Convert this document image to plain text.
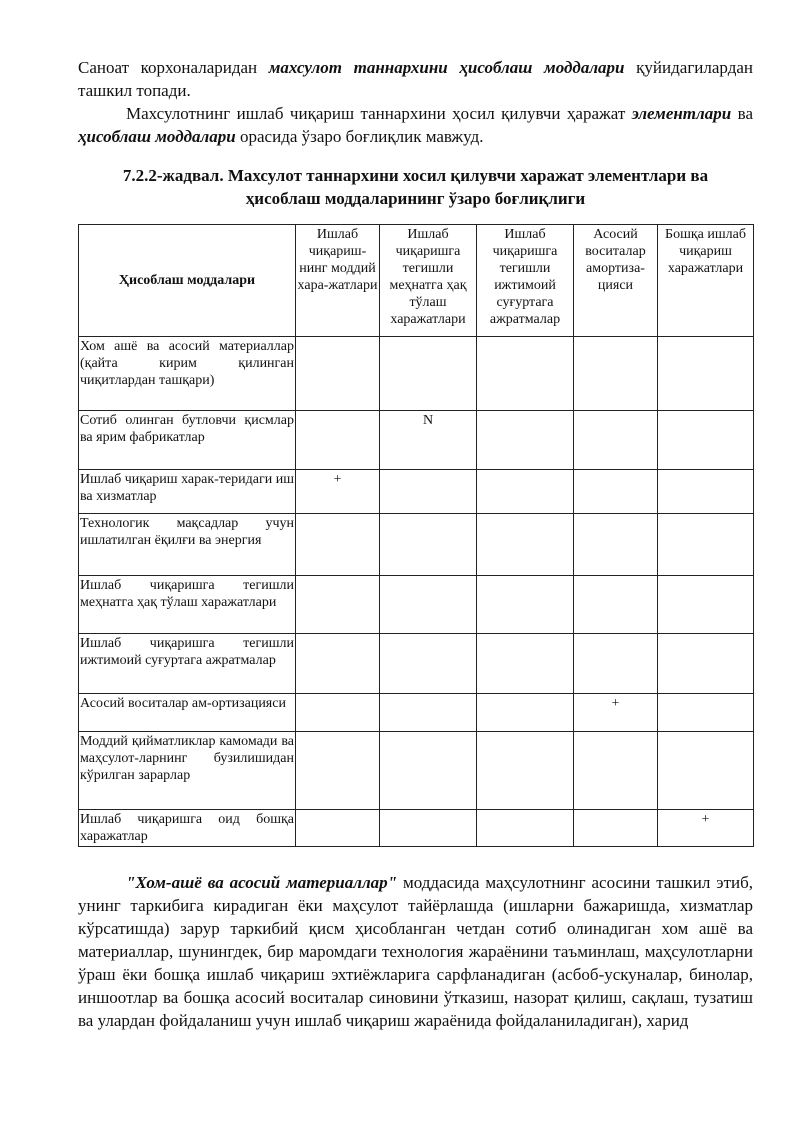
Саноат корхоналаридан махсулот таннархини ҳисоблаш моддалари қуйидагилардан ташкил топади.

Махсулотнинг ишлаб чиқариш таннархини ҳосил қилувчи ҳаражат элементлари ва ҳисоблаш моддалари орасида ўзаро боғлиқлик мавжуд.

7.2.2-жадвал. Махсулот таннархини хосил қилувчи харажат элементлари ва
ҳисоблаш моддаларининг ўзаро боғлиқлиги
Ҳисоблаш моддалари	Ишлаб чиқариш-нинг моддий хара-жатлари	Ишлаб чиқаришга тегишли меҳнатга ҳақ тўлаш харажатлари	Ишлаб чиқаришга тегишли ижтимоий суғуртага ажратмалар	Асосий воситалар амортиза-цияси	Бошқа ишлаб чиқариш харажатлари
Хом ашё ва асосий материаллар (қайта кирим қилинган чиқитлардан ташқари)					
Сотиб олинган бутловчи қисмлар ва ярим фабрикатлар		N			
Ишлаб чиқариш харак-теридаги иш ва хизматлар	+				
Технологик мақсадлар учун ишлатилган ёқилғи ва энергия					
Ишлаб чиқаришга тегишли меҳнатга ҳақ тўлаш харажатлари					
Ишлаб чиқаришга тегишли ижтимоий суғуртага ажратмалар					
Асосий воситалар ам-ортизацияси				+	
Моддий қийматликлар камомади ва маҳсулот-ларнинг бузилишидан кўрилган зарарлар					
Ишлаб чиқаришга оид бошқа харажатлар					+

"Хом-ашё ва асосий материаллар" моддасида маҳсулотнинг асосини ташкил этиб, унинг таркибига кирадиган ёки маҳсулот тайёрлашда (ишларни бажаришда, хизматлар кўрсатишда) зарур таркибий қисм ҳисобланган четдан сотиб олинадиган хом ашё ва материаллар, шунингдек, бир маромдаги технология жараёнини таъминлаш, маҳсулотларни ўраш ёки бошқа ишлаб чиқариш эхтиёжларига сарфланадиган (асбоб-ускуналар, бинолар, иншоотлар ва бошқа асосий воситалар синовини ўтказиш, назорат қилиш, сақлаш, тузатиш ва улардан фойдаланиш учун ишлаб чиқариш жараёнида фойдаланиладиган), харид
